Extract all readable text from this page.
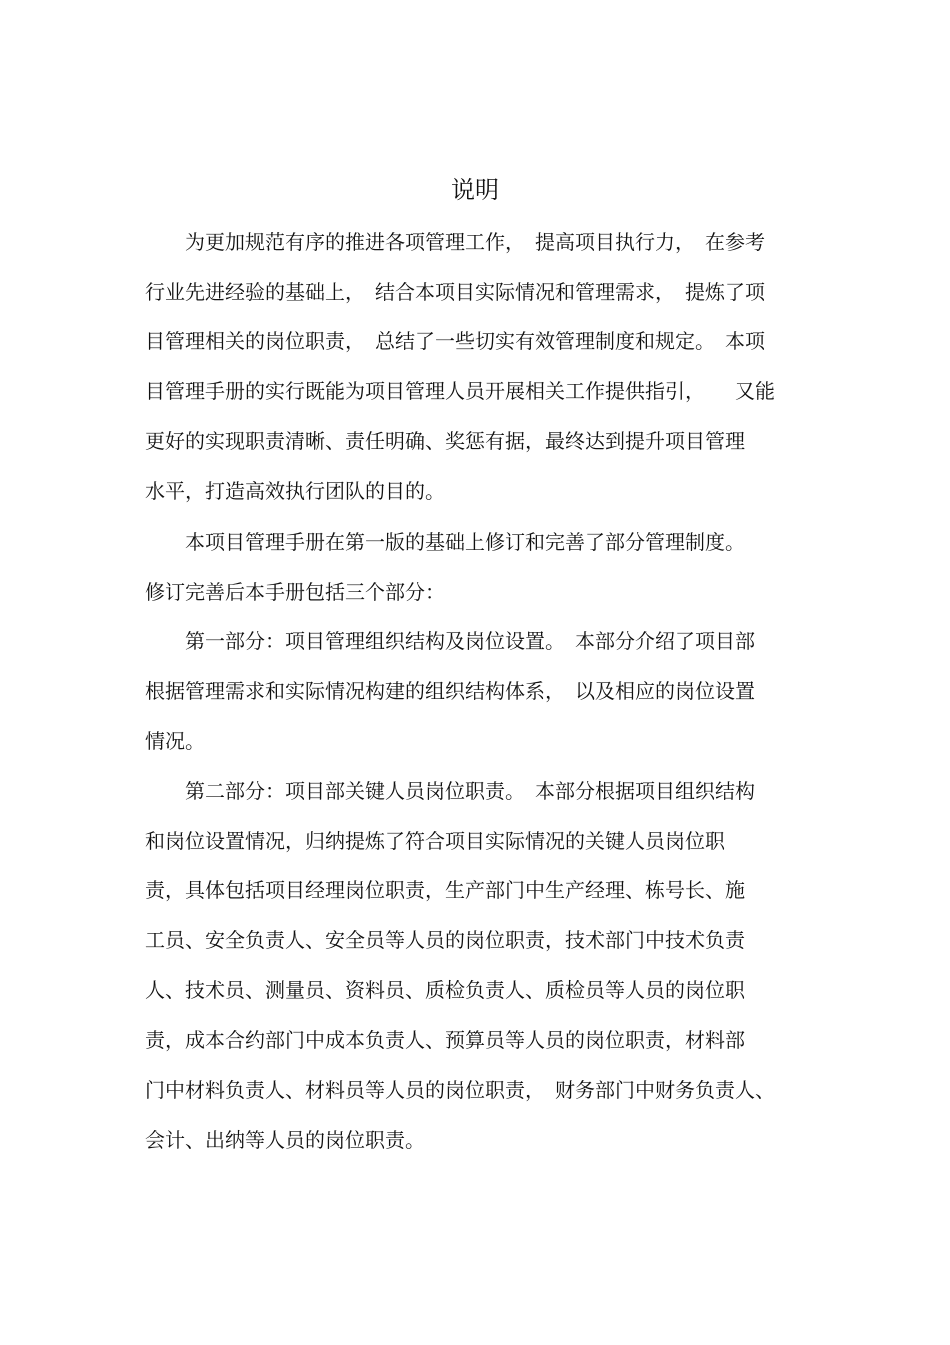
说明
　　为更加规范有序的推进各项管理工作，　提高项目执行力，　在参考
行业先进经验的基础上，　结合本项目实际情况和管理需求，　提炼了项
目管理相关的岗位职责，　总结了一些切实有效管理制度和规定。　本项
目管理手册的实行既能为项目管理人员开展相关工作提供指引，　　又能
更好的实现职责清晰、责任明确、奖惩有据，最终达到提升项目管理
水平，打造高效执行团队的目的。
　　本项目管理手册在第一版的基础上修订和完善了部分管理制度。
修订完善后本手册包括三个部分：
　　第一部分：项目管理组织结构及岗位设置。　本部分介绍了项目部
根据管理需求和实际情况构建的组织结构体系，　以及相应的岗位设置
情况。
　　第二部分：项目部关键人员岗位职责。　本部分根据项目组织结构
和岗位设置情况，归纳提炼了符合项目实际情况的关键人员岗位职
责，具体包括项目经理岗位职责，生产部门中生产经理、栋号长、施
工员、安全负责人、安全员等人员的岗位职责，技术部门中技术负责
人、技术员、测量员、资料员、质检负责人、质检员等人员的岗位职
责，成本合约部门中成本负责人、预算员等人员的岗位职责，材料部
门中材料负责人、材料员等人员的岗位职责，　财务部门中财务负责人、
会计、出纳等人员的岗位职责。
